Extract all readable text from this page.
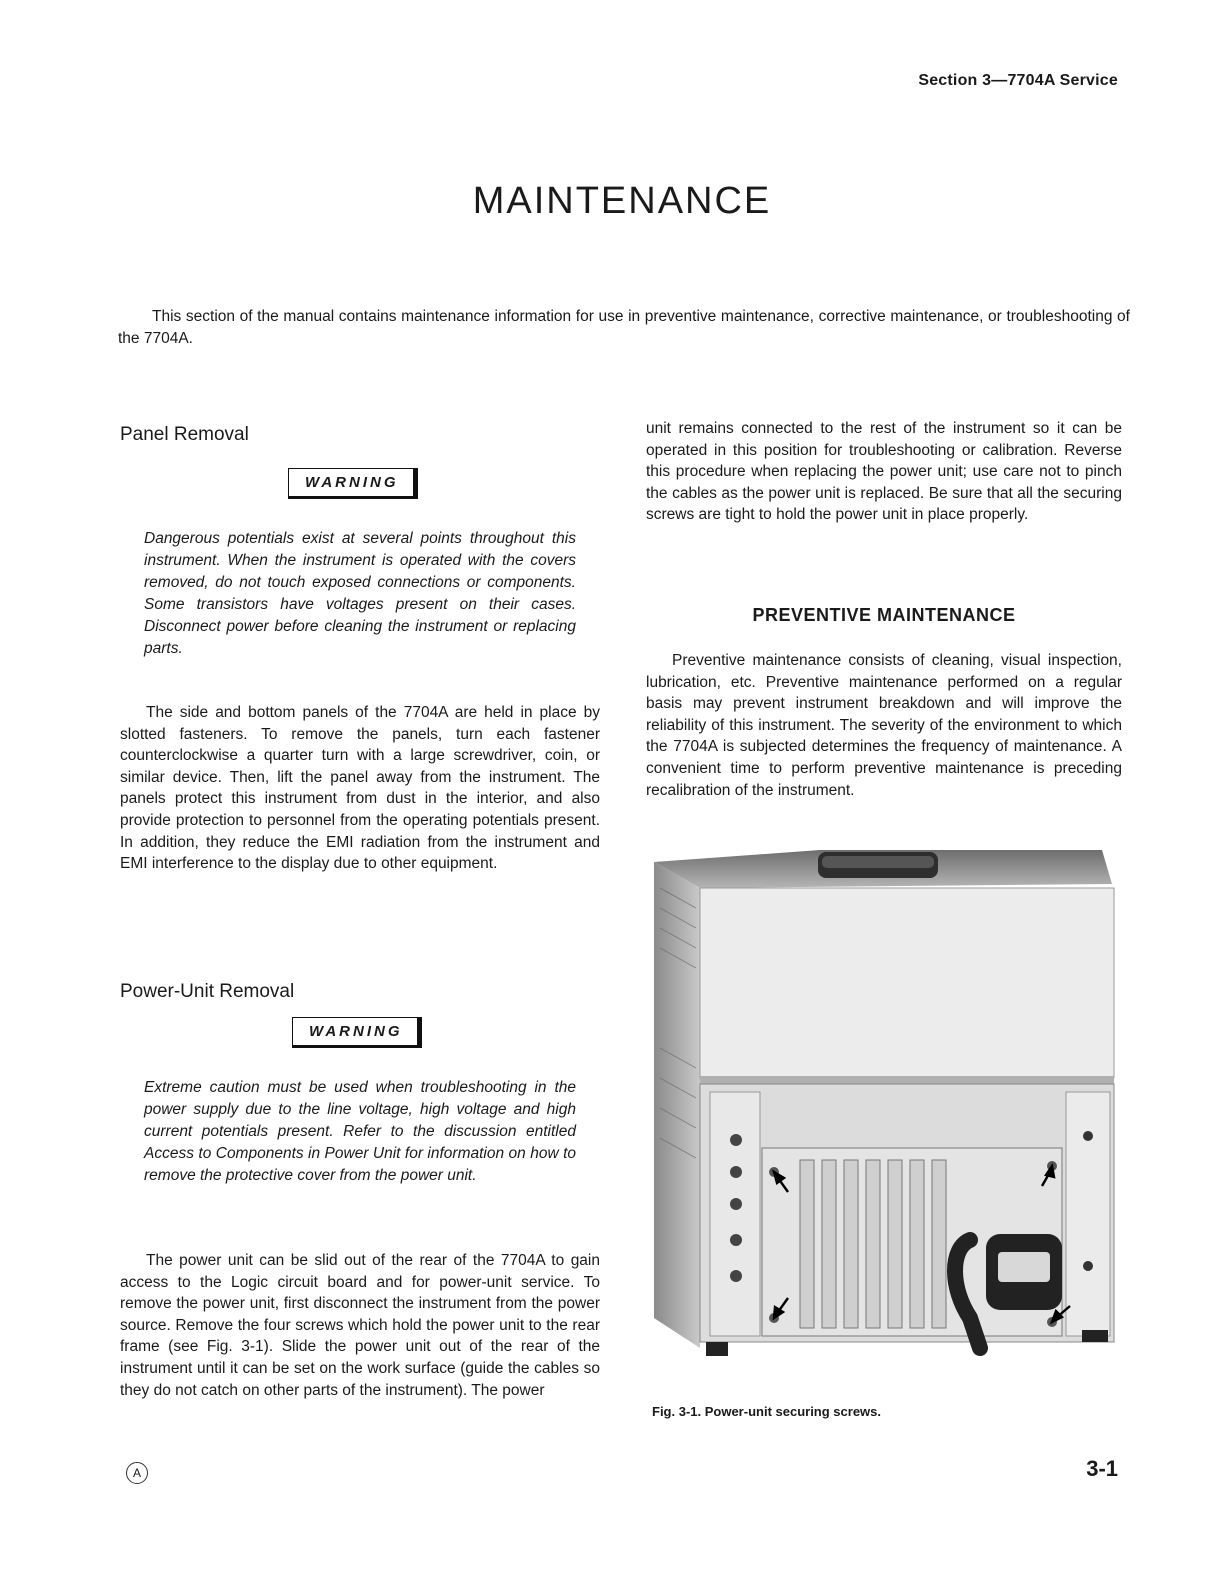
Section 3—7704A Service
MAINTENANCE

This section of the manual contains maintenance information for use in preventive maintenance, corrective maintenance, or troubleshooting of the 7704A.

Panel Removal
WARNING

Dangerous potentials exist at several points throughout this instrument. When the instrument is operated with the covers removed, do not touch exposed connections or components. Some transistors have voltages present on their cases. Disconnect power before cleaning the instrument or replacing parts.

The side and bottom panels of the 7704A are held in place by slotted fasteners. To remove the panels, turn each fastener counterclockwise a quarter turn with a large screwdriver, coin, or similar device. Then, lift the panel away from the instrument. The panels protect this instrument from dust in the interior, and also provide protection to personnel from the operating potentials present. In addition, they reduce the EMI radiation from the instrument and EMI interference to the display due to other equipment.

Power-Unit Removal
WARNING

Extreme caution must be used when troubleshooting in the power supply due to the line voltage, high voltage and high current potentials present. Refer to the discussion entitled Access to Components in Power Unit for information on how to remove the protective cover from the power unit.

The power unit can be slid out of the rear of the 7704A to gain access to the Logic circuit board and for power-unit service. To remove the power unit, first disconnect the instrument from the power source. Remove the four screws which hold the power unit to the rear frame (see Fig. 3-1). Slide the power unit out of the rear of the instrument until it can be set on the work surface (guide the cables so they do not catch on other parts of the instrument). The power

unit remains connected to the rest of the instrument so it can be operated in this position for troubleshooting or calibration. Reverse this procedure when replacing the power unit; use care not to pinch the cables as the power unit is replaced. Be sure that all the securing screws are tight to hold the power unit in place properly.

PREVENTIVE MAINTENANCE

Preventive maintenance consists of cleaning, visual inspection, lubrication, etc. Preventive maintenance performed on a regular basis may prevent instrument breakdown and will improve the reliability of this instrument. The severity of the environment to which the 7704A is subjected determines the frequency of maintenance. A convenient time to perform preventive maintenance is preceding recalibration of the instrument.

Fig. 3-1. Power-unit securing screws.
A	3-1
